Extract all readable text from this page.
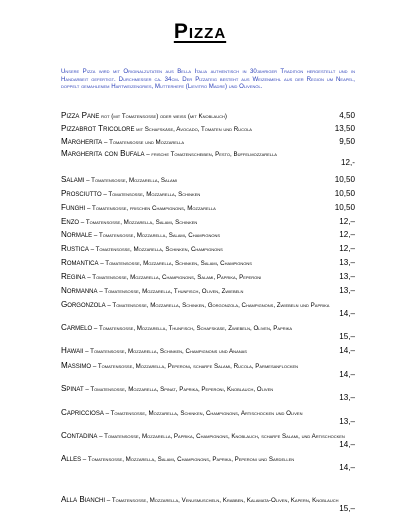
Pizza
Unsere Pizza wird mit Originalzutaten aus Bella Italia authentisch in 30jähriger Tradition hergestellt und in Handarbeit gefertigt. Durchmesser ca. 34cm. Der Pizzateig besteht aus Weizenmehl aus der Region um Neapel, doppelt gemahlenem Hartweizengries, Mutterhefe (Lievitro Madre) und Olivenöl.
4,50
Pizza Pane rot (mit Tomatensosse) oder weiss (mit Knoblauch)
13,50
Pizzabrot Tricolore mit Schafskäse, Avocado, Tomaten und Rucola
9,50
Margherita – Tomatensosse und Mozzarella
Margherita con Bufala – frische Tomatenscheiben, Pesto, Büffelmozzarella
12,-
10,50
Salami – Tomatensosse, Mozzarella, Salami
10,50
Prosciutto – Tomatensosse, Mozzarella, Schinken
10,50
Funghi – Tomatensosse, frischen Champignons, Mozzarella
12,–
Enzo – Tomatensosse, Mozzarella, Salami, Schinken
12,–
Normale – Tomatensosse, Mozzarella, Salami, Champignons
12,–
Rustica – Tomatensosse, Mozzarella, Schinken, Champignons
13,–
Romantica – Tomatensosse, Mozzarella, Schinken, Salami, Champignons
13,–
Regina – Tomatensosse, Mozzarella, Champignons, Salami, Paprika, Peperoni
13,–
Normanna – Tomatensosse, Mozzarella, Thunfisch, Oliven, Zwiebeln
Gorgonzola – Tomatensosse, Mozzarella, Schinken, Gorgonzola, Champignons, Zwiebeln und Paprika
14,–
Carmelo – Tomatensosse, Mozzarella, Thunfisch, Schafskäse, Zwiebeln, Oliven, Paprika
15,–
14,–
Hawaii – Tomatensosse, Mozzarella, Schinken, Champignons und Ananas
Massimo – Tomatensosse, Mozzarella, Peperoni, scharfe Salami, Rucola, Parmesanflocken
14,–
Spinat – Tomatensosse, Mozzarella, Spinat, Paprika, Peperoni, Knoblauch, Oliven
13,–
Capricciosa – Tomatensosse, Mozzarella, Schinken, Champignons, Artischocken und Oliven
13,–
Contadina – Tomatensosse, Mozzarella, Paprika, Champignons, Knoblauch, scharfe Salami, und Artischocken
14,–
Alles – Tomatensosse, Mozzarella, Salami, Champignons, Paprika, Peperoni und Sardellen
14,–
Alla Bianchi – Tomatensosse, Mozzarella, Venusmuscheln, Krabben, Kalamata-Oliven, Kapern, Knoblauch
15,–
